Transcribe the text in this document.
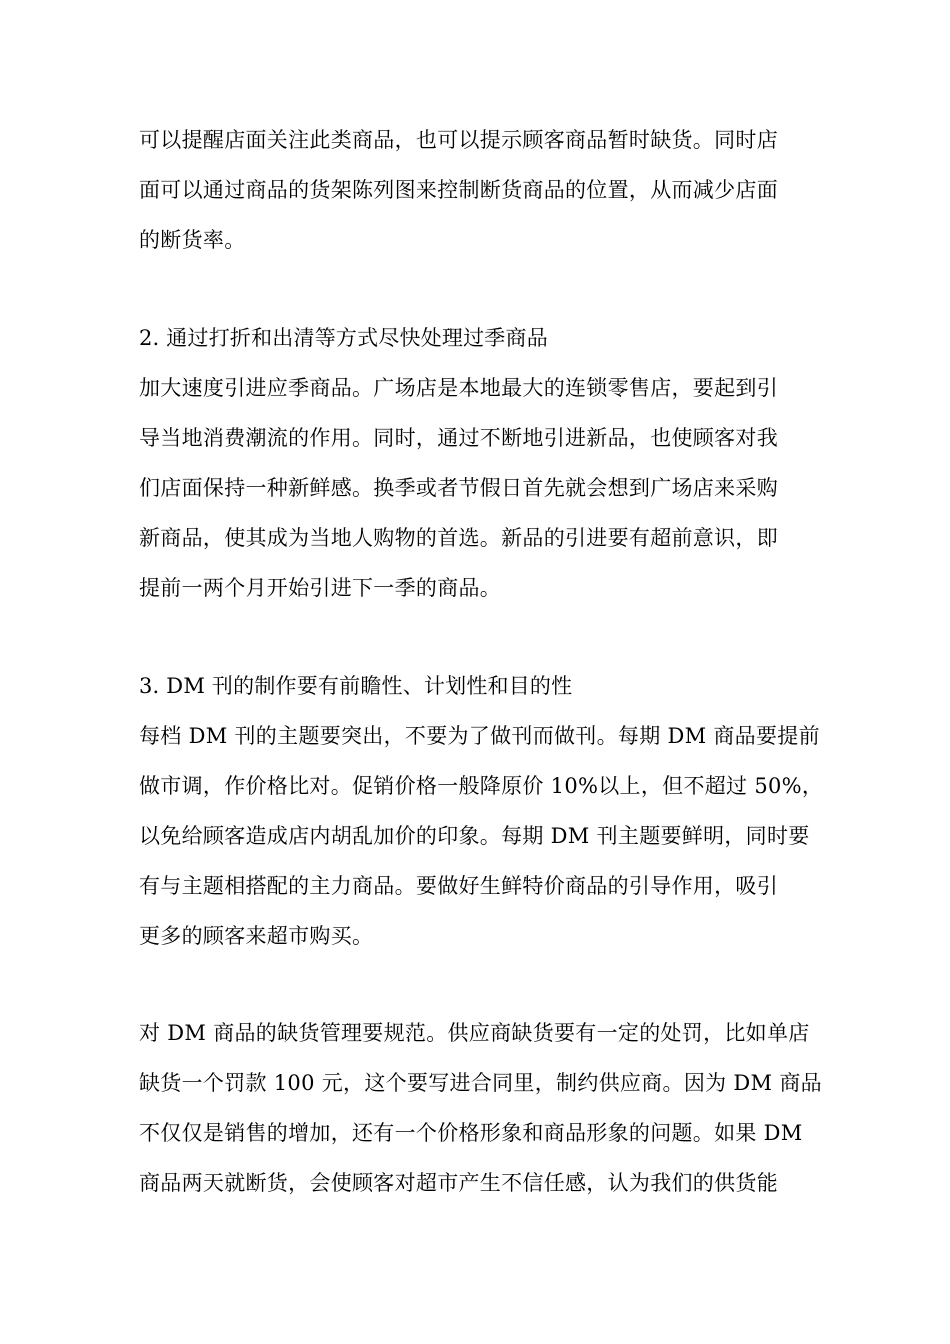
可以提醒店面关注此类商品，也可以提示顾客商品暂时缺货。同时店
面可以通过商品的货架陈列图来控制断货商品的位置，从而减少店面
的断货率。
2. 通过打折和出清等方式尽快处理过季商品
加大速度引进应季商品。广场店是本地最大的连锁零售店，要起到引
导当地消费潮流的作用。同时，通过不断地引进新品，也使顾客对我
们店面保持一种新鲜感。换季或者节假日首先就会想到广场店来采购
新商品，使其成为当地人购物的首选。新品的引进要有超前意识，即
提前一两个月开始引进下一季的商品。
3. DM 刊的制作要有前瞻性、计划性和目的性
每档 DM 刊的主题要突出，不要为了做刊而做刊。每期 DM 商品要提前
做市调，作价格比对。促销价格一般降原价 10%以上，但不超过 50%，
以免给顾客造成店内胡乱加价的印象。每期 DM 刊主题要鲜明，同时要
有与主题相搭配的主力商品。要做好生鲜特价商品的引导作用，吸引
更多的顾客来超市购买。
对 DM 商品的缺货管理要规范。供应商缺货要有一定的处罚，比如单店
缺货一个罚款 100 元，这个要写进合同里，制约供应商。因为 DM 商品
不仅仅是销售的增加，还有一个价格形象和商品形象的问题。如果 DM
商品两天就断货，会使顾客对超市产生不信任感，认为我们的供货能
